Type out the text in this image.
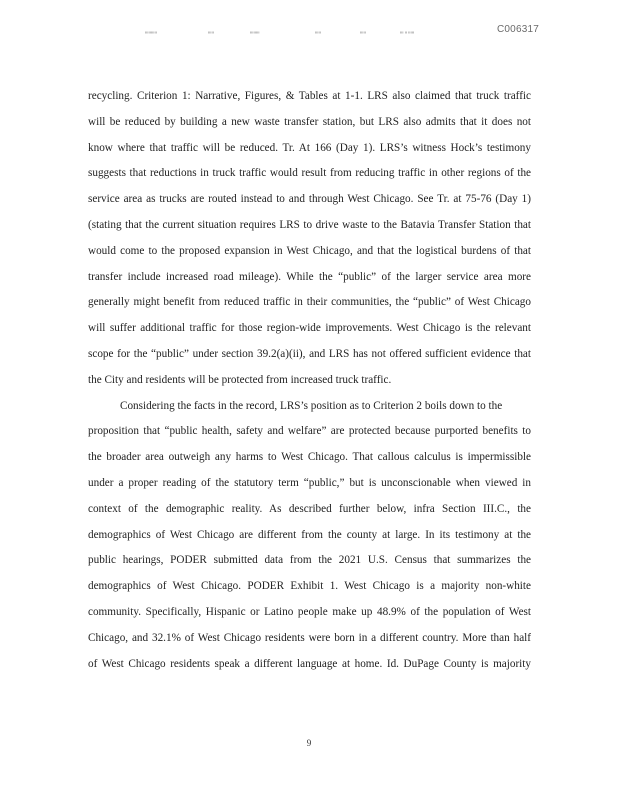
ⵂⵂⵂⵂⵂⵂⵂⵂⵂⵂ	ⵂⵂⵂⵂⵂ	ⵂⵂⵂⵂⵂⵂⵂⵂ	ⵂⵂⵂⵂⵂ	ⵂⵂⵂⵂⵂ	ⵂⵂⵂ ⵂⵂ ⵂⵂⵂⵂⵂ	C006317
recycling. Criterion 1: Narrative, Figures, & Tables at 1-1. LRS also claimed that truck traffic
will be reduced by building a new waste transfer station, but LRS also admits that it does not
know where that traffic will be reduced. Tr. At 166 (Day 1). LRS’s witness Hock’s testimony
suggests that reductions in truck traffic would result from reducing traffic in other regions of the
service area as trucks are routed instead to and through West Chicago. See Tr. at 75-76 (Day 1)
(stating that the current situation requires LRS to drive waste to the Batavia Transfer Station that
would come to the proposed expansion in West Chicago, and that the logistical burdens of that
transfer include increased road mileage). While the “public” of the larger service area more
generally might benefit from reduced traffic in their communities, the “public” of West Chicago
will suffer additional traffic for those region-wide improvements. West Chicago is the relevant
scope for the “public” under section 39.2(a)(ii), and LRS has not offered sufficient evidence that
the City and residents will be protected from increased truck traffic.
Considering the facts in the record, LRS’s position as to Criterion 2 boils down to the
proposition that “public health, safety and welfare” are protected because purported benefits to
the broader area outweigh any harms to West Chicago. That callous calculus is impermissible
under a proper reading of the statutory term “public,” but is unconscionable when viewed in
context of the demographic reality. As described further below, infra Section III.C., the
demographics of West Chicago are different from the county at large. In its testimony at the
public hearings, PODER submitted data from the 2021 U.S. Census that summarizes the
demographics of West Chicago. PODER Exhibit 1. West Chicago is a majority non-white
community. Specifically, Hispanic or Latino people make up 48.9% of the population of West
Chicago, and 32.1% of West Chicago residents were born in a different country. More than half
of West Chicago residents speak a different language at home. Id. DuPage County is majority
9
